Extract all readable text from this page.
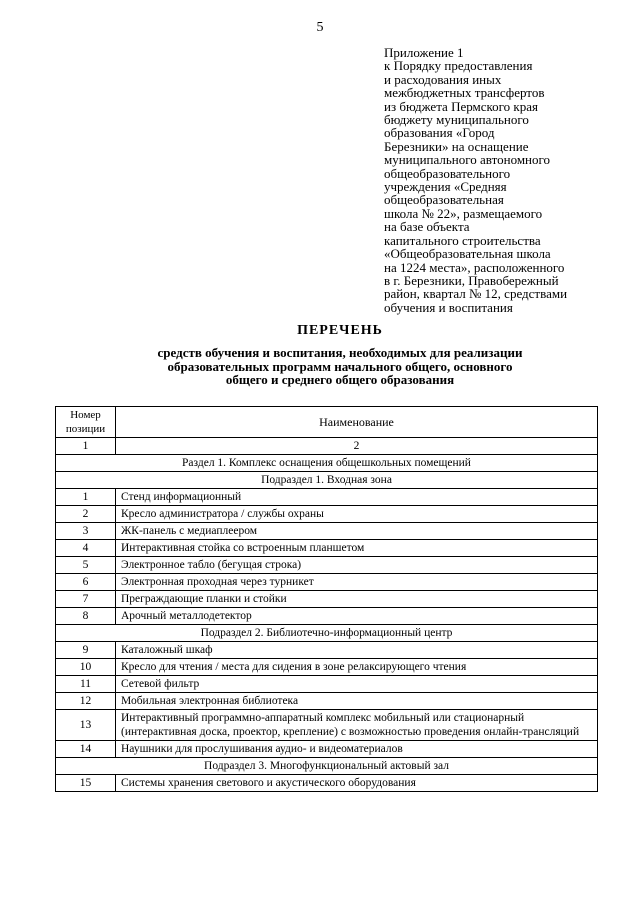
5
Приложение 1
к Порядку предоставления
и расходования иных
межбюджетных трансфертов
из бюджета Пермского края
бюджету муниципального
образования «Город
Березники» на оснащение
муниципального автономного
общеобразовательного
учреждения «Средняя
общеобразовательная
школа № 22», размещаемого
на базе объекта
капитального строительства
«Общеобразовательная школа
на 1224 места», расположенного
в г. Березники, Правобережный
район, квартал № 12, средствами
обучения и воспитания
ПЕРЕЧЕНЬ
средств обучения и воспитания, необходимых для реализации
образовательных программ начального общего, основного
общего и среднего общего образования
Номер
позиции	Наименование
1	2
Раздел 1. Комплекс оснащения общешкольных помещений	
Подраздел 1. Входная зона	
1	Стенд информационный
2	Кресло администратора / службы охраны
3	ЖК-панель с медиаплеером
4	Интерактивная стойка со встроенным планшетом
5	Электронное табло (бегущая строка)
6	Электронная проходная через турникет
7	Преграждающие планки и стойки
8	Арочный металлодетектор
Подраздел 2. Библиотечно-информационный центр	
9	Каталожный шкаф
10	Кресло для чтения / места для сидения в зоне релаксирующего чтения
11	Сетевой фильтр
12	Мобильная электронная библиотека
13	Интерактивный программно-аппаратный комплекс мобильный или стационарный (интерактивная доска, проектор, крепление) с возможностью проведения онлайн-трансляций
14	Наушники для прослушивания аудио- и видеоматериалов
Подраздел 3. Многофункциональный актовый зал	
15	Системы хранения светового и акустического оборудования
